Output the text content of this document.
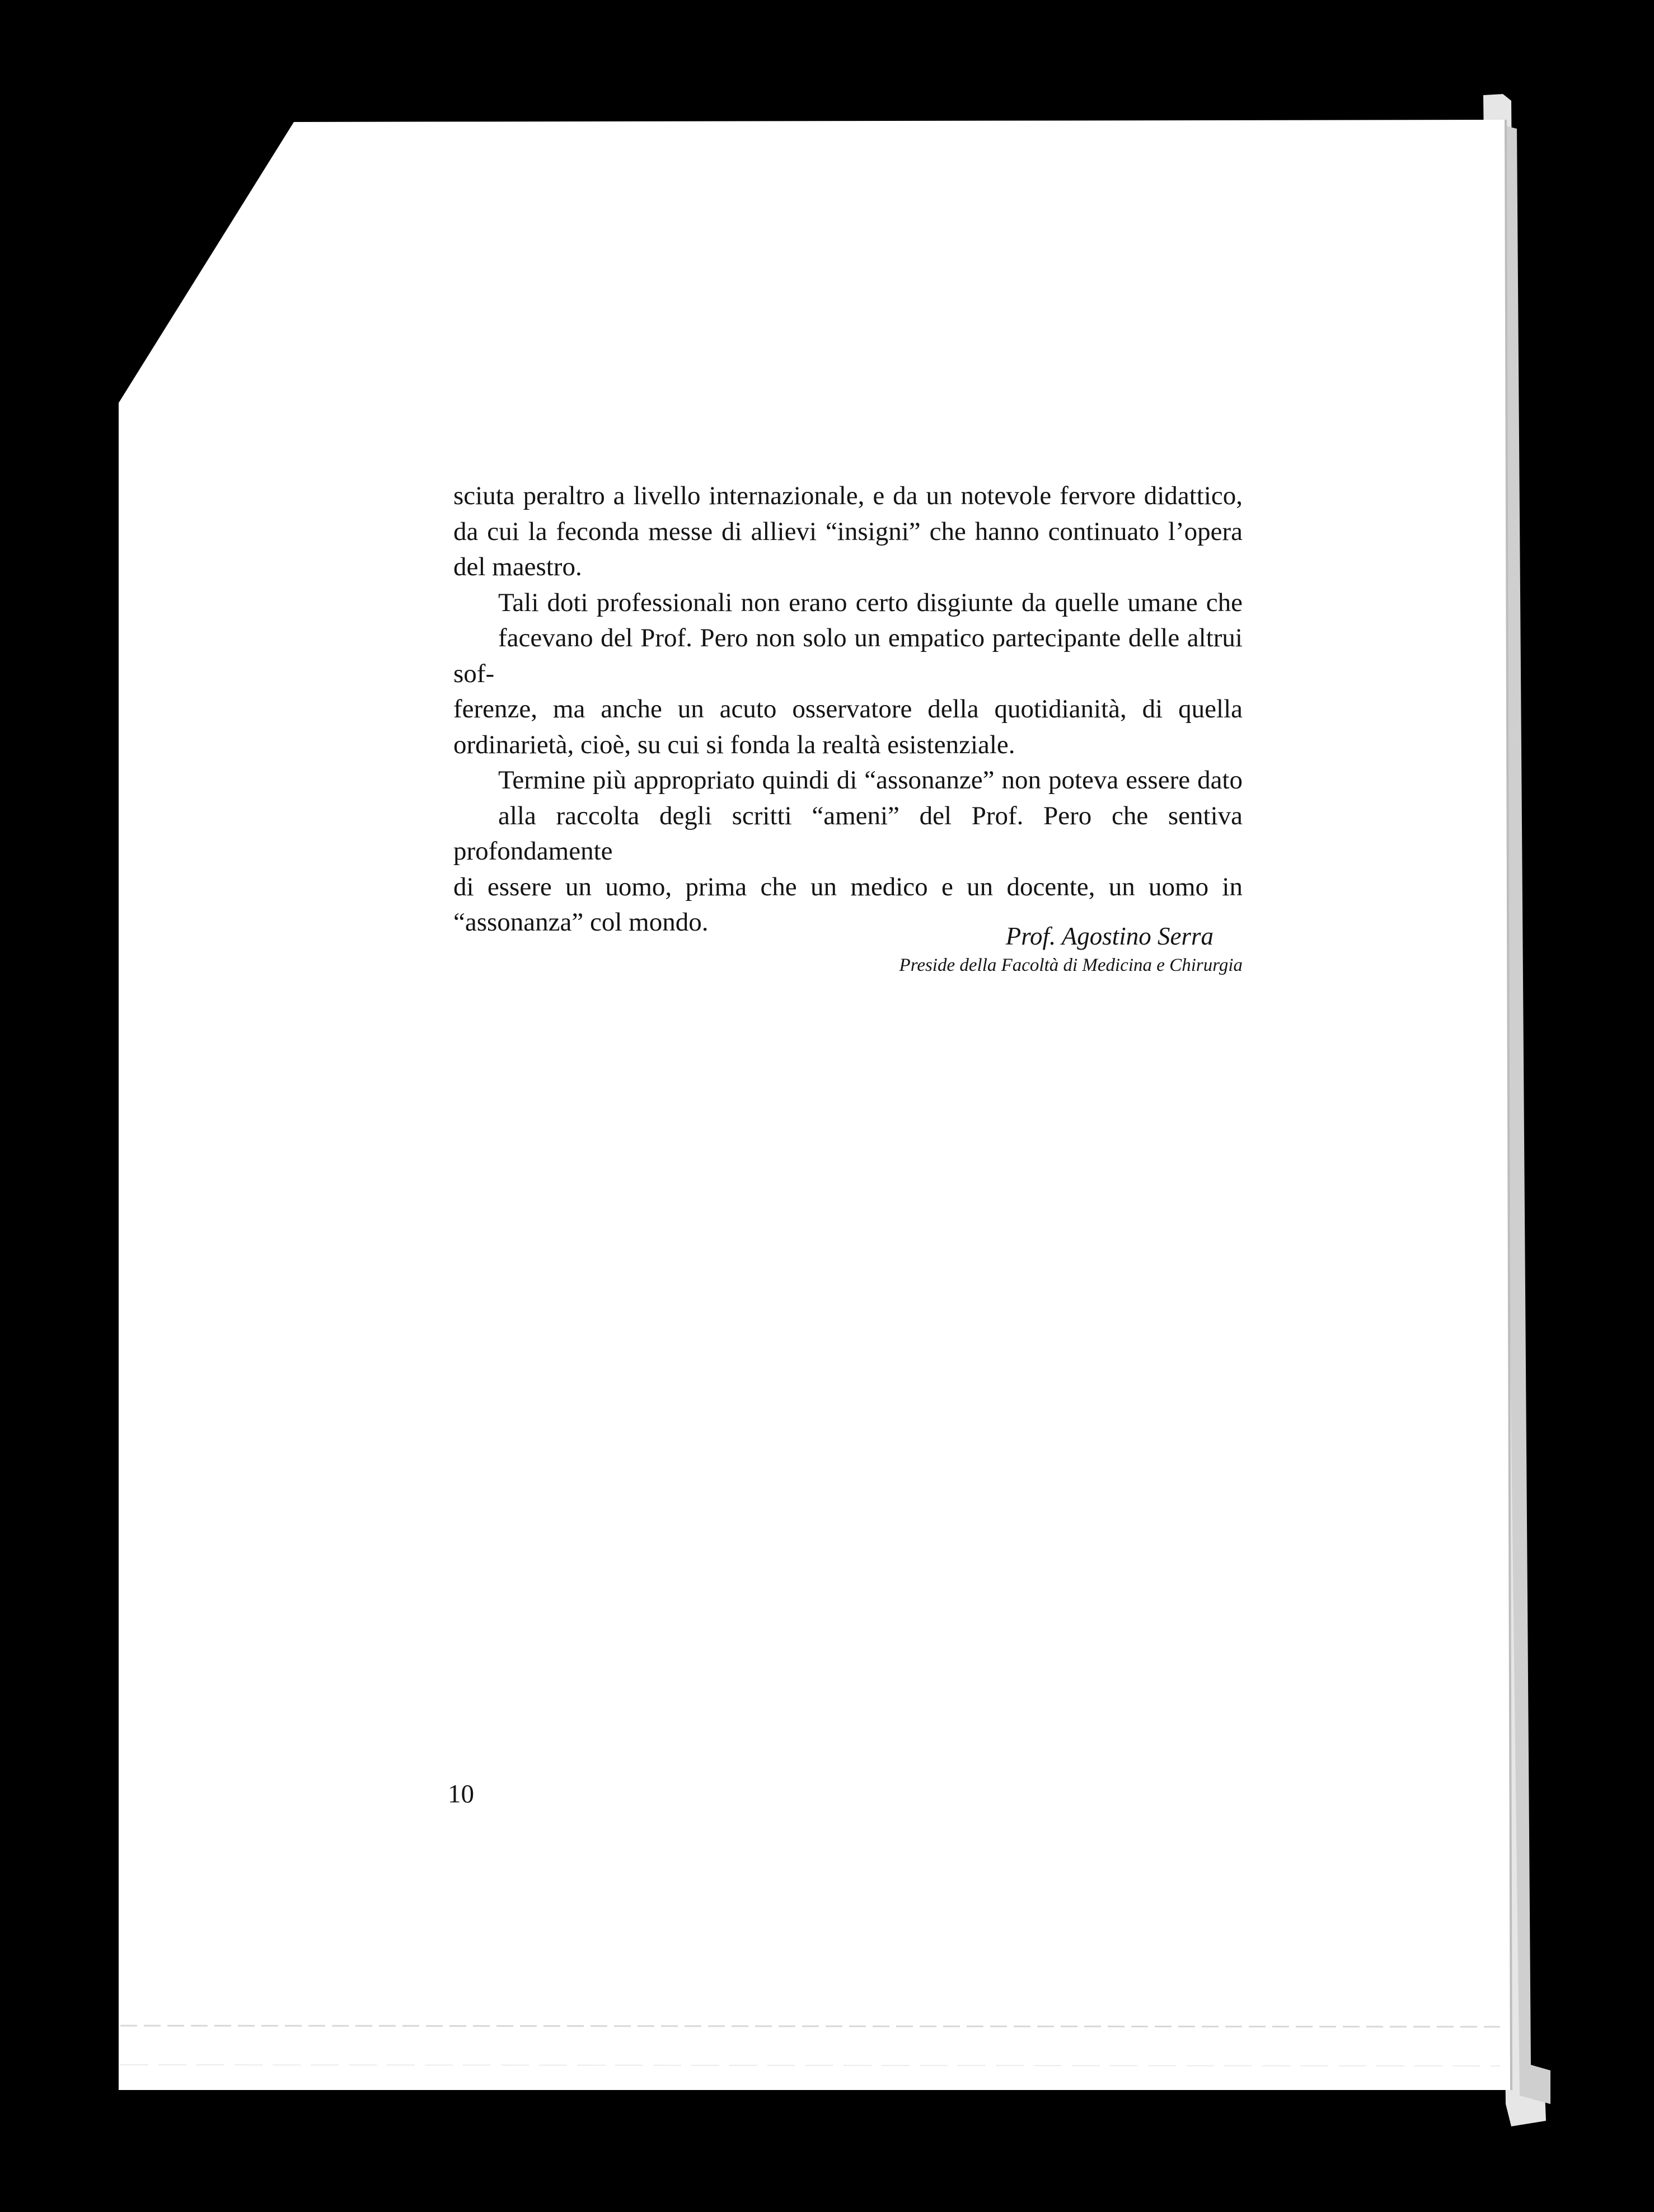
sciuta peraltro a livello internazionale, e da un notevole fervore didattico,
da cui la feconda messe di allievi “insigni” che hanno continuato l’opera

del maestro.

Tali doti professionali non erano certo disgiunte da quelle umane che
facevano del Prof. Pero non solo un empatico partecipante delle altrui sof-
ferenze, ma anche un acuto osservatore della quotidianità, di quella

ordinarietà, cioè, su cui si fonda la realtà esistenziale.

Termine più appropriato quindi di “assonanze” non poteva essere dato
alla raccolta degli scritti “ameni” del Prof. Pero che sentiva profondamente
di essere un uomo, prima che un medico e un docente, un uomo in

“assonanza” col mondo.	Prof. Agostino Serra
Preside della Facoltà di Medicina e Chirurgia
10
